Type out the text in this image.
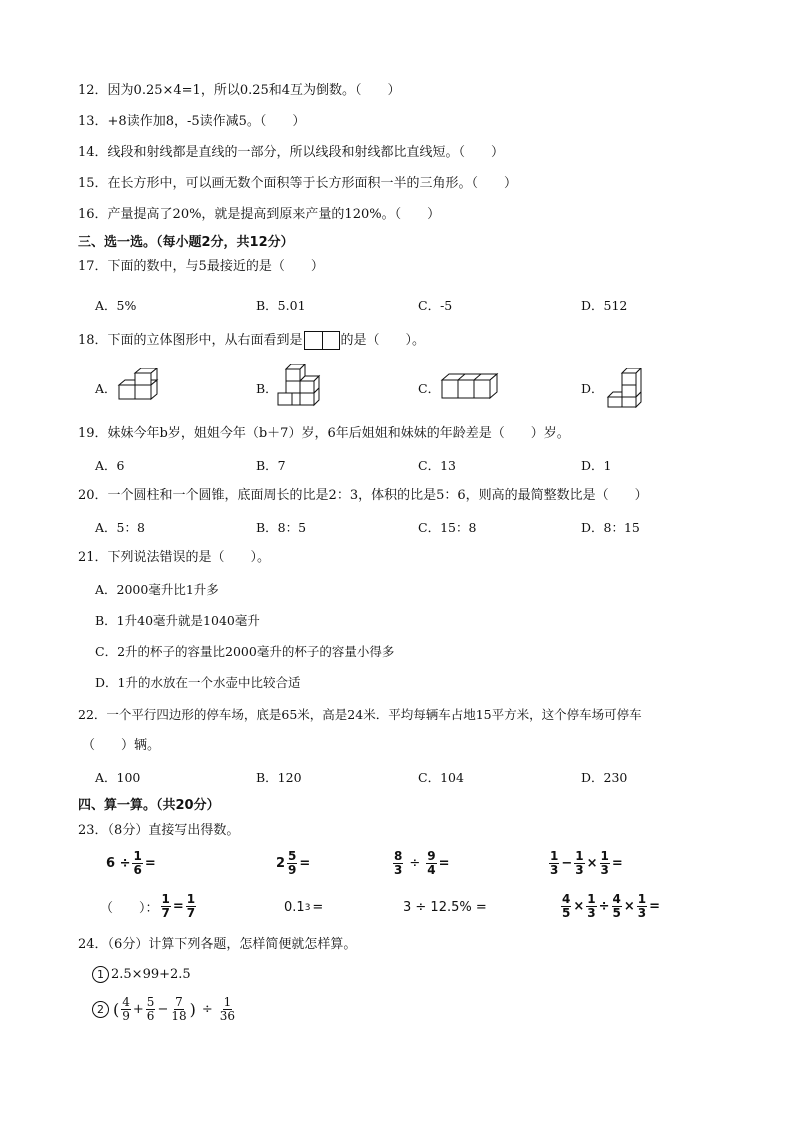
12．因为0.25×4=1，所以0.25和4互为倒数。（　　）
13．+8读作加8，-5读作减5。（　　）
14．线段和射线都是直线的一部分，所以线段和射线都比直线短。（　　）
15．在长方形中，可以画无数个面积等于长方形面积一半的三角形。（　　）
16．产量提高了20%，就是提高到原来产量的120%。（　　）
三、选一选。（每小题2分，共12分）
17．下面的数中，与5最接近的是（　　）
A．5%	B．5.01	C．-5	D．512
18．下面的立体图形中，从右面看到是	的是（　　）。
A．	B．	C．	D．
19．妹妹今年b岁，姐姐今年（b＋7）岁，6年后姐姐和妹妹的年龄差是（　　）岁。
A．6	B．7	C．13	D．1
20．一个圆柱和一个圆锥，底面周长的比是2：3，体积的比是5：6，则高的最简整数比是（　　）
A．5：8	B．8：5	C．15：8	D．8：15
21．下列说法错误的是（　　）。
A．2000毫升比1升多
B．1升40毫升就是1040毫升
C．2升的杯子的容量比2000毫升的杯子的容量小得多
D．1升的水放在一个水壶中比较合适
22．一个平行四边形的停车场，底是65米，高是24米．平均每辆车占地15平方米，这个停车场可停车
（　　）辆。
A．100	B．120	C．104	D．230
四、算一算。（共20分）
23．（8分）直接写出得数。
$6 \div \frac{1}{6}$ =	$2 \frac{5}{9}$ =	$\frac{8}{3} \div \frac{9}{4}$ =	$\frac{1}{3} - \frac{1}{3} \times \frac{1}{3}$ =
（　　）： $\frac{1}{7} = \frac{1}{7}$	0.1 3 =	3 ÷ 12.5% =	$\frac{4}{5} \times \frac{1}{3} \div \frac{4}{5} \times \frac{1}{3}$ =
24．（6分）计算下列各题，怎样简便就怎样算。
1 2.5×99+2.5
2 ( $\frac{4}{9} + \frac{5}{6} - \frac{7}{18}$ ) ÷ $\frac{1}{36}$
